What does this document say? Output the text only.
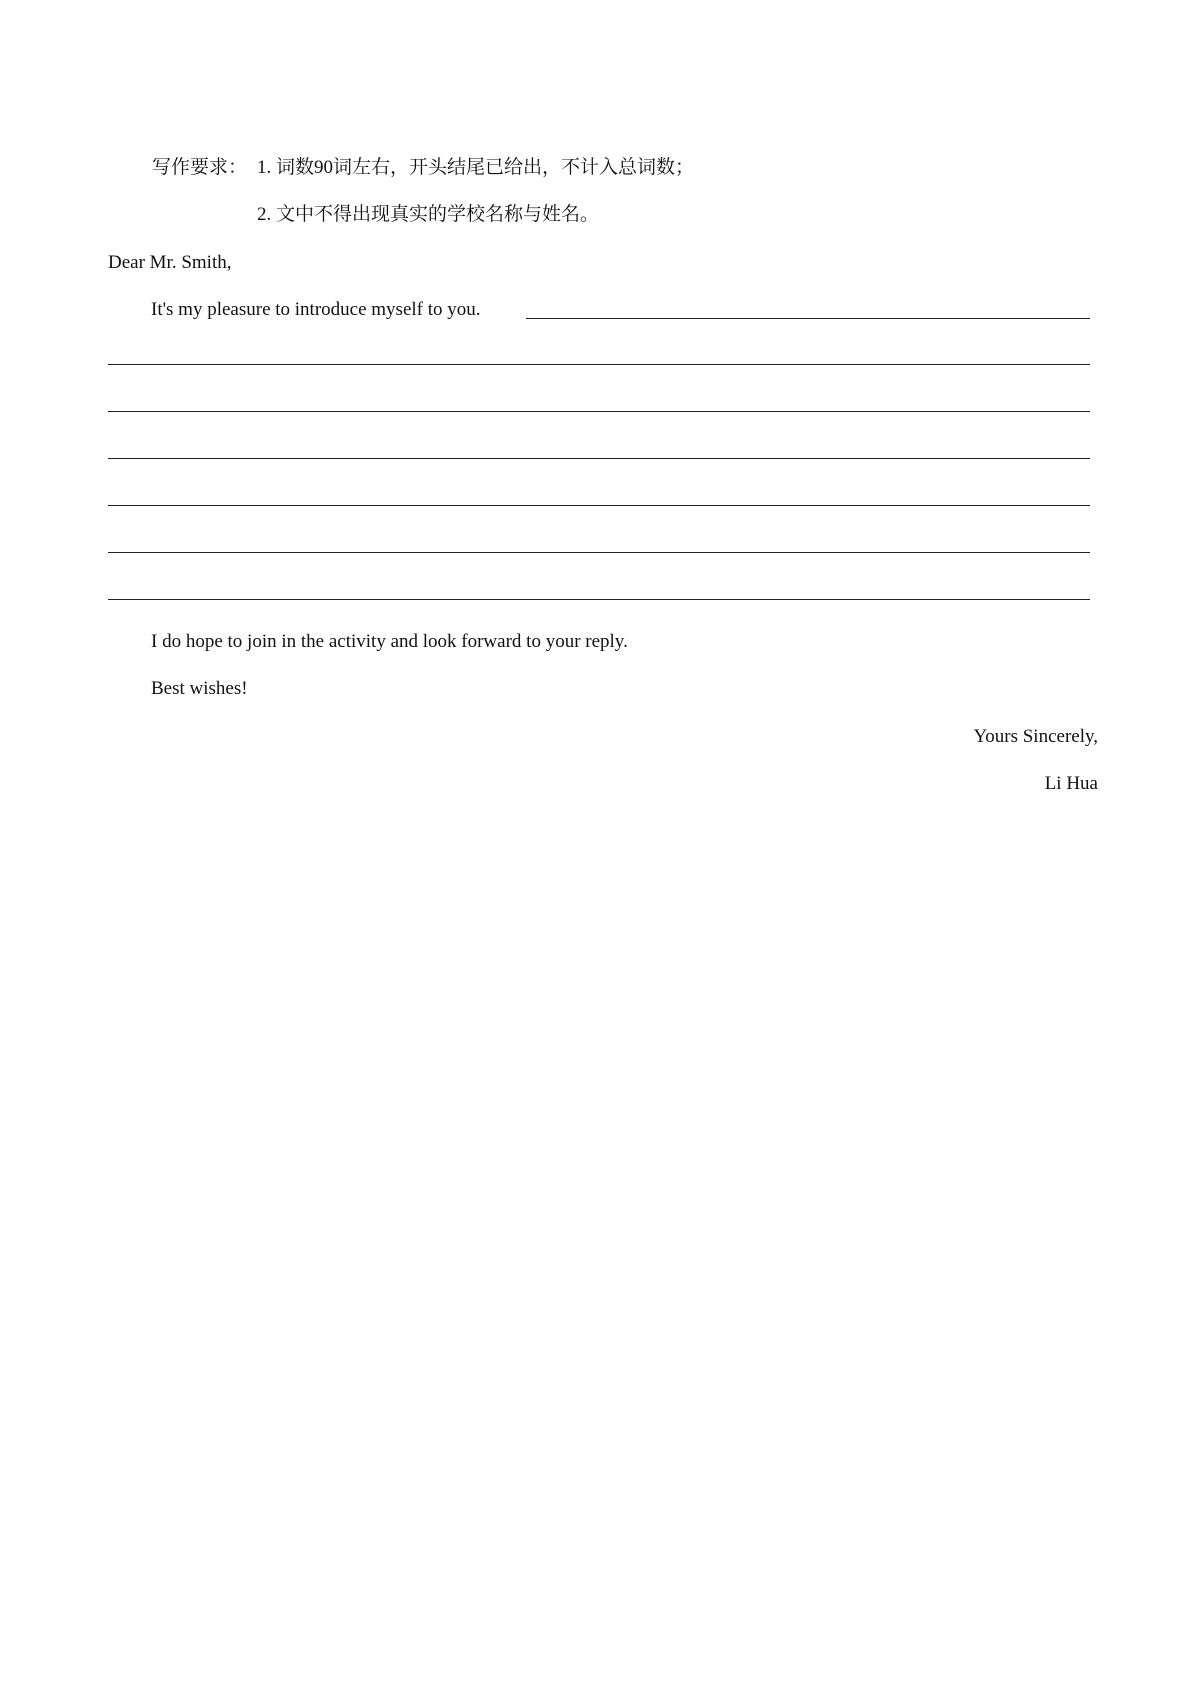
写作要求： 1. 词数90词左右，开头结尾已给出，不计入总词数；
2. 文中不得出现真实的学校名称与姓名。
Dear Mr. Smith,
It's my pleasure to introduce myself to you.
I do hope to join in the activity and look forward to your reply.
Best wishes!
Yours Sincerely,
Li Hua
